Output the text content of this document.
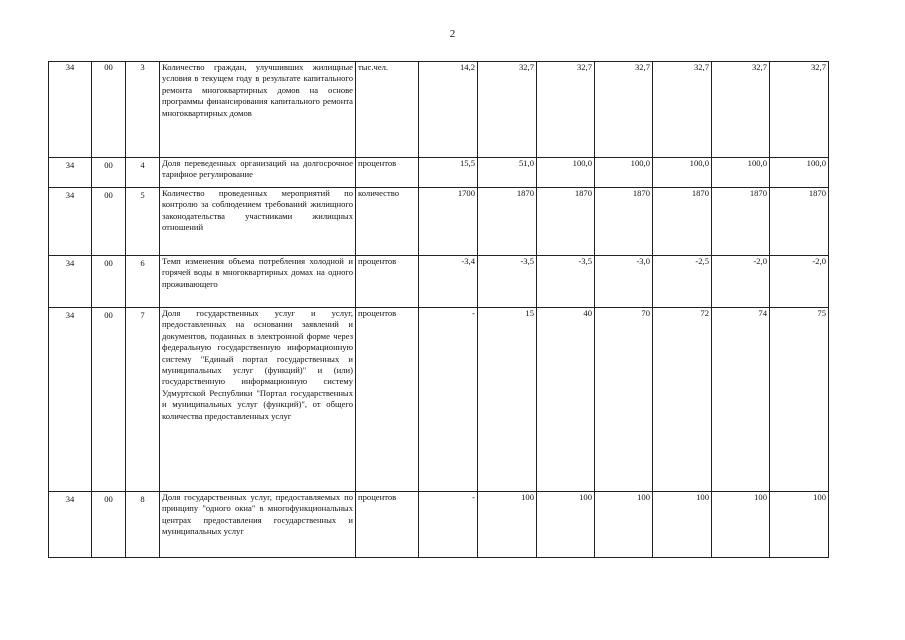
2
34	00	3	Количество граждан, улучшивших жилищные условия в текущем году в результате капитального ремонта многоквартирных домов на основе программы финансирования капитального ремонта многоквартирных домов	тыс.чел.	14,2	32,7	32,7	32,7	32,7	32,7	32,7
34	00	4	Доля переведенных организаций на долгосрочное тарифное регулирование	процентов	15,5	51,0	100,0	100,0	100,0	100,0	100,0
34	00	5	Количество проведенных мероприятий по контролю за соблюдением требований жилищного законодательства участниками жилищных отношений	количество	1700	1870	1870	1870	1870	1870	1870
34	00	6	Темп изменения объема потребления холодной и горячей воды в многоквартирных домах на одного проживающего	процентов	-3,4	-3,5	-3,5	-3,0	-2,5	-2,0	-2,0
34	00	7	Доля государственных услуг и услуг, предоставленных на основании заявлений и документов, поданных в электронной форме через федеральную государственную информационную систему "Единый портал государственных и муниципальных услуг (функций)" и (или) государственную информационную систему Удмуртской Республики "Портал государственных и муниципальных услуг (функций)", от общего количества предоставленных услуг	процентов	-	15	40	70	72	74	75
34	00	8	Доля государственных услуг, предоставляемых по принципу "одного окна" в многофункциональных центрах предоставления государственных и муниципальных услуг	процентов	-	100	100	100	100	100	100
